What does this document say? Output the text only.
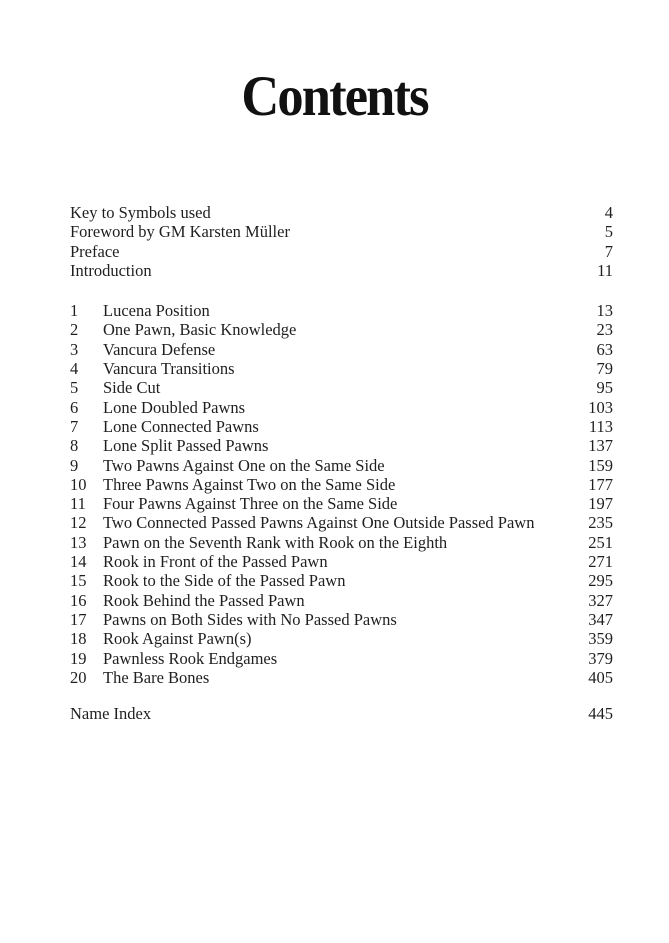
Contents
Key to Symbols used	4
Foreword by GM Karsten Müller	5
Preface	7
Introduction	11
1	Lucena Position	13
2	One Pawn, Basic Knowledge	23
3	Vancura Defense	63
4	Vancura Transitions	79
5	Side Cut	95
6	Lone Doubled Pawns	103
7	Lone Connected Pawns	113
8	Lone Split Passed Pawns	137
9	Two Pawns Against One on the Same Side	159
10	Three Pawns Against Two on the Same Side	177
11	Four Pawns Against Three on the Same Side	197
12	Two Connected Passed Pawns Against One Outside Passed Pawn	235
13	Pawn on the Seventh Rank with Rook on the Eighth	251
14	Rook in Front of the Passed Pawn	271
15	Rook to the Side of the Passed Pawn	295
16	Rook Behind the Passed Pawn	327
17	Pawns on Both Sides with No Passed Pawns	347
18	Rook Against Pawn(s)	359
19	Pawnless Rook Endgames	379
20	The Bare Bones	405
Name Index	445
